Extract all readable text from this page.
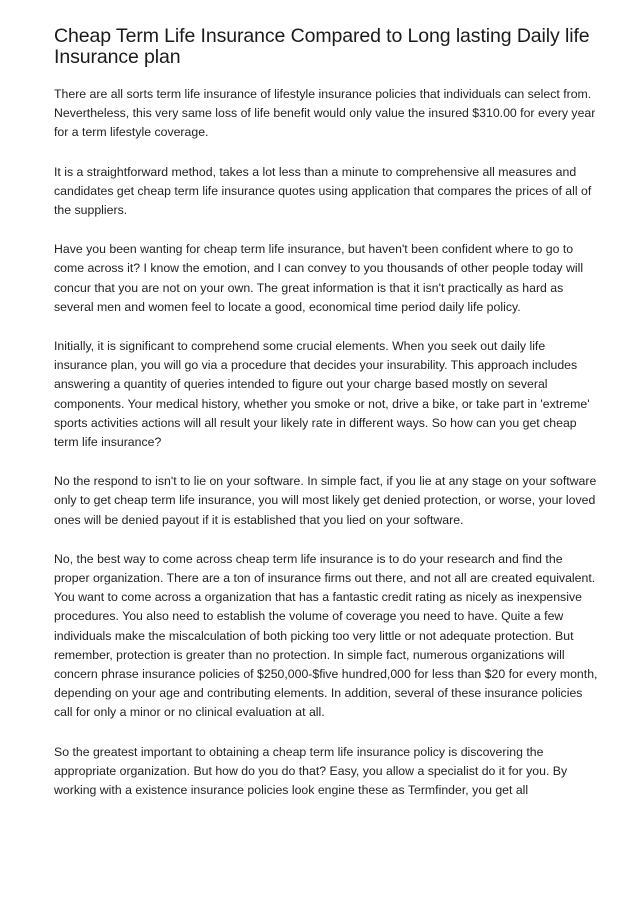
Cheap Term Life Insurance Compared to Long lasting Daily life Insurance plan

There are all sorts term life insurance of lifestyle insurance policies that individuals can select from. Nevertheless, this very same loss of life benefit would only value the insured $310.00 for every year for a term lifestyle coverage.

It is a straightforward method, takes a lot less than a minute to comprehensive all measures and candidates get cheap term life insurance quotes using application that compares the prices of all of the suppliers.

Have you been wanting for cheap term life insurance, but haven't been confident where to go to come across it? I know the emotion, and I can convey to you thousands of other people today will concur that you are not on your own. The great information is that it isn't practically as hard as several men and women feel to locate a good, economical time period daily life policy.

Initially, it is significant to comprehend some crucial elements. When you seek out daily life insurance plan, you will go via a procedure that decides your insurability. This approach includes answering a quantity of queries intended to figure out your charge based mostly on several components. Your medical history, whether you smoke or not, drive a bike, or take part in 'extreme' sports activities actions will all result your likely rate in different ways. So how can you get cheap term life insurance?

No the respond to isn't to lie on your software. In simple fact, if you lie at any stage on your software only to get cheap term life insurance, you will most likely get denied protection, or worse, your loved ones will be denied payout if it is established that you lied on your software.

No, the best way to come across cheap term life insurance is to do your research and find the proper organization. There are a ton of insurance firms out there, and not all are created equivalent. You want to come across a organization that has a fantastic credit rating as nicely as inexpensive procedures. You also need to establish the volume of coverage you need to have. Quite a few individuals make the miscalculation of both picking too very little or not adequate protection. But remember, protection is greater than no protection. In simple fact, numerous organizations will concern phrase insurance policies of $250,000-$five hundred,000 for less than $20 for every month, depending on your age and contributing elements. In addition, several of these insurance policies call for only a minor or no clinical evaluation at all.

So the greatest important to obtaining a cheap term life insurance policy is discovering the appropriate organization. But how do you do that? Easy, you allow a specialist do it for you. By working with a existence insurance policies look engine these as Termfinder, you get all
